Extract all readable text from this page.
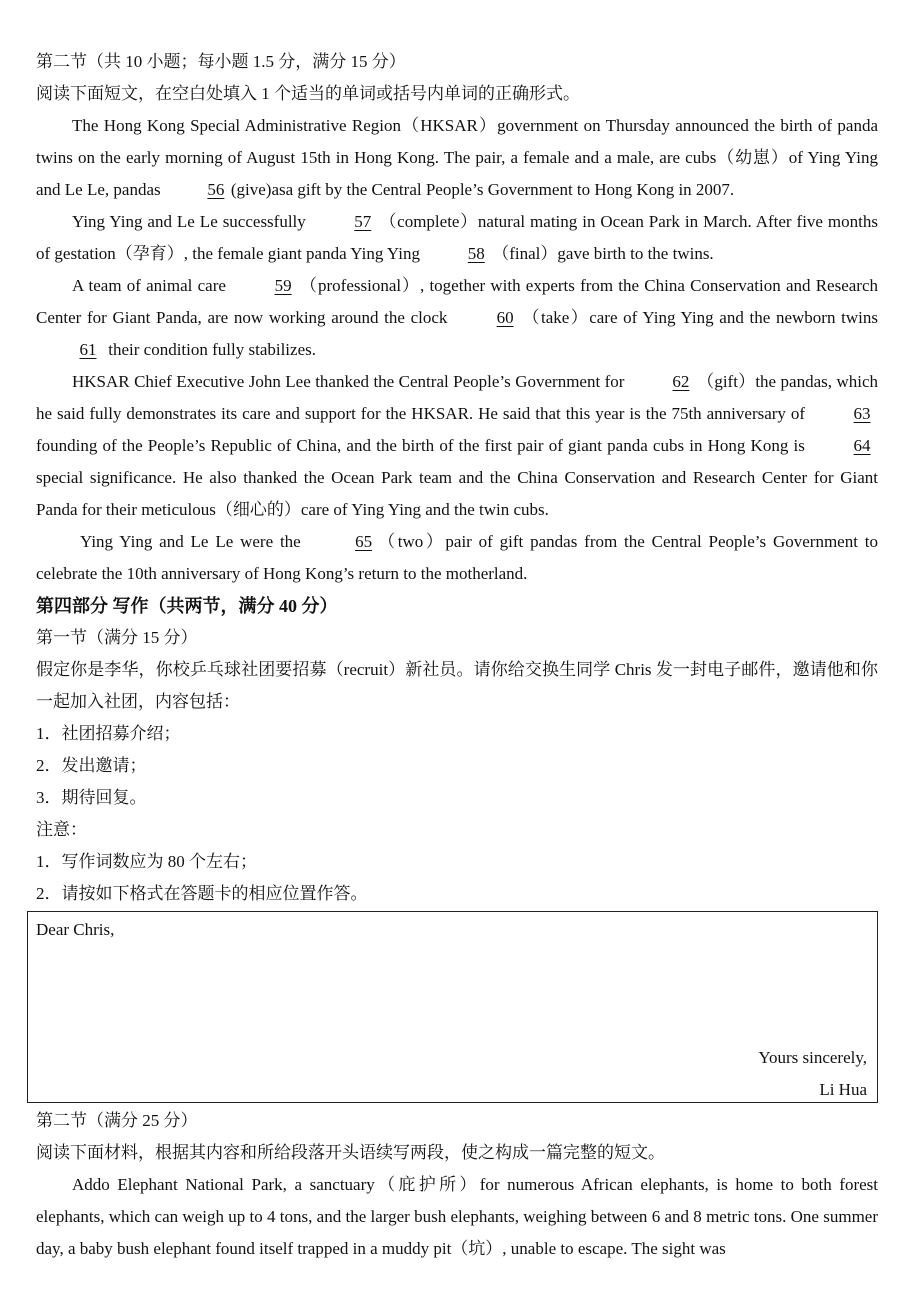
第二节（共 10 小题；每小题 1.5 分，满分 15 分）

阅读下面短文，在空白处填入 1 个适当的单词或括号内单词的正确形式。

The Hong Kong Special Administrative Region（HKSAR）government on Thursday announced the birth of panda twins on the early morning of August 15th in Hong Kong. The pair, a female and a male, are cubs（幼崽）of Ying Ying and Le Le, pandas	56 (give)asa gift by the Central People’s Government to Hong Kong in 2007.

Ying Ying and Le Le successfully	57 （complete）natural mating in Ocean Park in March. After five months of gestation（孕育）, the female giant panda Ying Ying	58 （final）gave birth to the twins.

A team of animal care	59 （professional）, together with experts from the China Conservation and Research Center for Giant Panda, are now working around the clock	60 （take）care of Ying Ying and the newborn twins 61 their condition fully stabilizes.

HKSAR Chief Executive John Lee thanked the Central People’s Government for	62 （gift）the pandas, which he said fully demonstrates its care and support for the HKSAR. He said that this year is the 75th anniversary of	63 founding of the People’s Republic of China, and the birth of the first pair of giant panda cubs in Hong Kong is	64 special significance. He also thanked the Ocean Park team and the China Conservation and Research Center for Giant Panda for their meticulous（细心的）care of Ying Ying and the twin cubs.

Ying Ying and Le Le were the	65 （two）pair of gift pandas from the Central People’s Government to celebrate the 10th anniversary of Hong Kong’s return to the motherland.

第四部分 写作（共两节，满分 40 分）

第一节（满分 15 分）

假定你是李华，你校乒乓球社团要招募（recruit）新社员。请你给交换生同学 Chris 发一封电子邮件，邀请他和你一起加入社团，内容包括：

1．社团招募介绍；

2．发出邀请；

3．期待回复。

注意：

1．写作词数应为 80 个左右；

2．请按如下格式在答题卡的相应位置作答。

Dear Chris,
Yours sincerely,
Li Hua

第二节（满分 25 分）

阅读下面材料，根据其内容和所给段落开头语续写两段，使之构成一篇完整的短文。

Addo Elephant National Park, a sanctuary（庇护所）for numerous African elephants, is home to both forest elephants, which can weigh up to 4 tons, and the larger bush elephants, weighing between 6 and 8 metric tons. One summer day, a baby bush elephant found itself trapped in a muddy pit（坑）, unable to escape. The sight was
